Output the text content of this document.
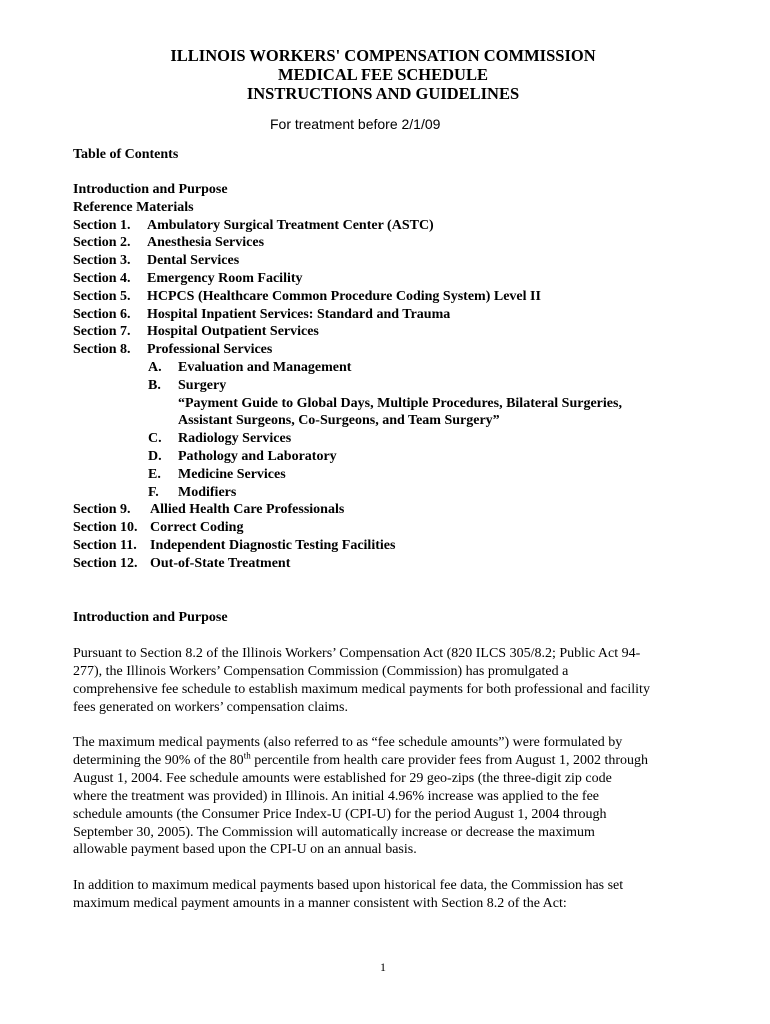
ILLINOIS WORKERS' COMPENSATION COMMISSION
MEDICAL FEE SCHEDULE
INSTRUCTIONS AND GUIDELINES
For treatment before 2/1/09
Table of Contents
Introduction and Purpose
Reference Materials
Section 1. Ambulatory Surgical Treatment Center (ASTC)
Section 2. Anesthesia Services
Section 3. Dental Services
Section 4. Emergency Room Facility
Section 5. HCPCS (Healthcare Common Procedure Coding System) Level II
Section 6. Hospital Inpatient Services: Standard and Trauma
Section 7. Hospital Outpatient Services
Section 8. Professional Services
A. Evaluation and Management
B. Surgery
“Payment Guide to Global Days, Multiple Procedures, Bilateral Surgeries,
Assistant Surgeons, Co-Surgeons, and Team Surgery”
C. Radiology Services
D. Pathology and Laboratory
E. Medicine Services
F. Modifiers
Section 9. Allied Health Care Professionals
Section 10. Correct Coding
Section 11. Independent Diagnostic Testing Facilities
Section 12. Out-of-State Treatment
Introduction and Purpose
Pursuant to Section 8.2 of the Illinois Workers’ Compensation Act (820 ILCS 305/8.2; Public Act 94-
277), the Illinois Workers’ Compensation Commission (Commission) has promulgated a
comprehensive fee schedule to establish maximum medical payments for both professional and facility
fees generated on workers’ compensation claims.
The maximum medical payments (also referred to as “fee schedule amounts”) were formulated by
determining the 90% of the 80th percentile from health care provider fees from August 1, 2002 through
August 1, 2004. Fee schedule amounts were established for 29 geo-zips (the three-digit zip code
where the treatment was provided) in Illinois. An initial 4.96% increase was applied to the fee
schedule amounts (the Consumer Price Index-U (CPI-U) for the period August 1, 2004 through
September 30, 2005). The Commission will automatically increase or decrease the maximum
allowable payment based upon the CPI-U on an annual basis.
In addition to maximum medical payments based upon historical fee data, the Commission has set
maximum medical payment amounts in a manner consistent with Section 8.2 of the Act:
1
